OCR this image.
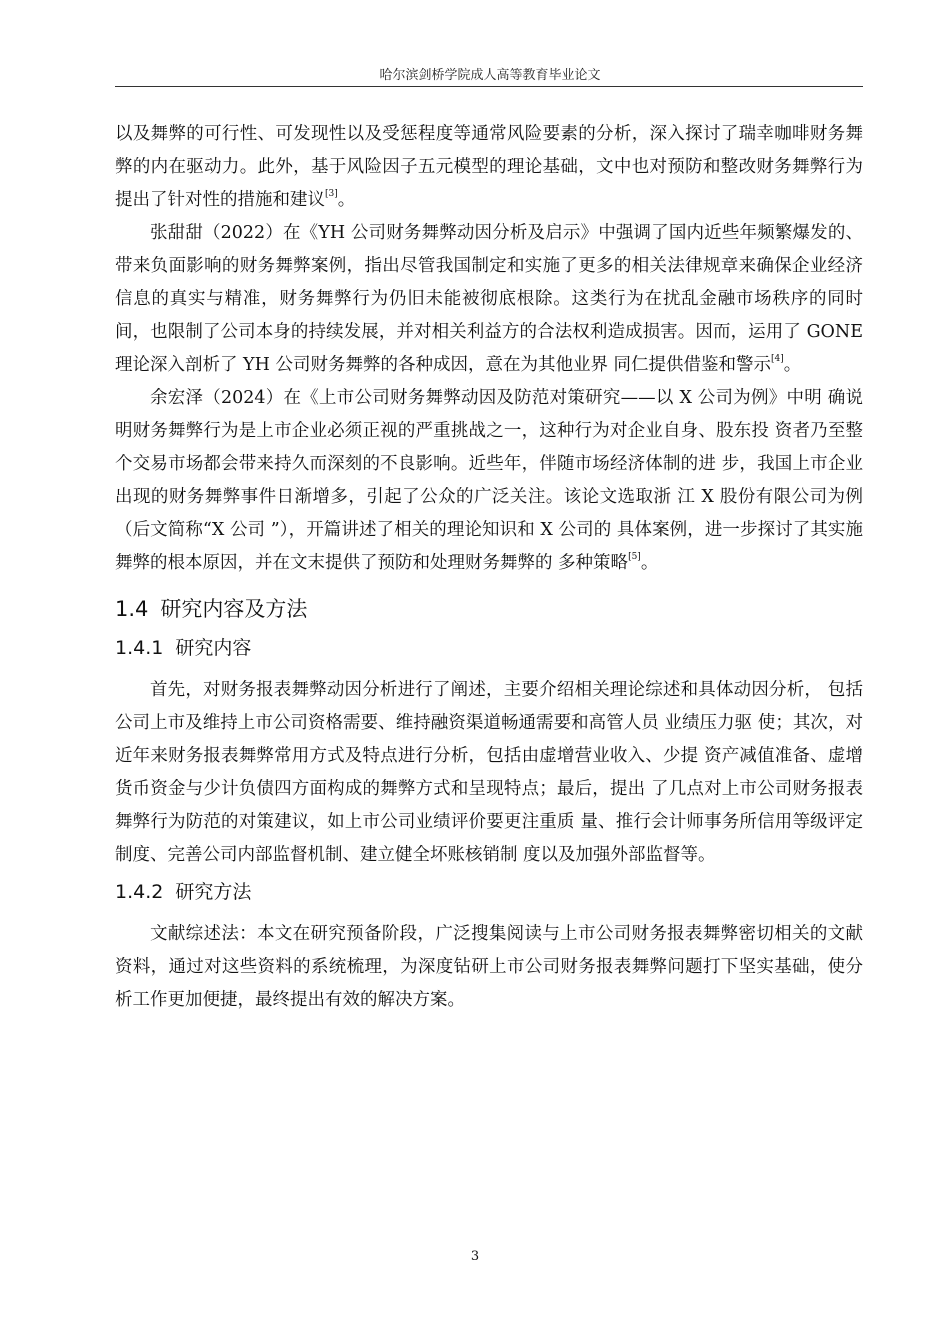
哈尔滨剑桥学院成人高等教育毕业论文

以及舞弊的可行性、可发现性以及受惩程度等通常风险要素的分析，深入探讨了瑞幸咖啡财务舞弊的内在驱动力。此外，基于风险因子五元模型的理论基础，文中也对预防和整改财务舞弊行为提出了针对性的措施和建议[3]。

张甜甜（2022）在《YH 公司财务舞弊动因分析及启示》中强调了国内近些年频繁爆发的、带来负面影响的财务舞弊案例，指出尽管我国制定和实施了更多的相关法律规章来确保企业经济信息的真实与精准，财务舞弊行为仍旧未能被彻底根除。这类行为在扰乱金融市场秩序的同时间，也限制了公司本身的持续发展，并对相关利益方的合法权利造成损害。因而，运用了 GONE 理论深入剖析了 YH 公司财务舞弊的各种成因，意在为其他业界 同仁提供借鉴和警示[4]。

余宏泽（2024）在《上市公司财务舞弊动因及防范对策研究——以 X 公司为例》中明 确说明财务舞弊行为是上市企业必须正视的严重挑战之一，这种行为对企业自身、股东投 资者乃至整个交易市场都会带来持久而深刻的不良影响。近些年，伴随市场经济体制的进 步，我国上市企业出现的财务舞弊事件日渐增多，引起了公众的广泛关注。该论文选取浙 江 X 股份有限公司为例（后文简称“X 公司 ”），开篇讲述了相关的理论知识和 X 公司的 具体案例，进一步探讨了其实施舞弊的根本原因，并在文末提供了预防和处理财务舞弊的 多种策略[5]。

1.4 研究内容及方法
1.4.1 研究内容

首先，对财务报表舞弊动因分析进行了阐述，主要介绍相关理论综述和具体动因分析， 包括公司上市及维持上市公司资格需要、维持融资渠道畅通需要和高管人员 业绩压力驱 使；其次，对近年来财务报表舞弊常用方式及特点进行分析，包括由虚增营业收入、少提 资产减值准备、虚增货币资金与少计负债四方面构成的舞弊方式和呈现特点；最后，提出 了几点对上市公司财务报表舞弊行为防范的对策建议，如上市公司业绩评价要更注重质 量、推行会计师事务所信用等级评定制度、完善公司内部监督机制、建立健全坏账核销制 度以及加强外部监督等。

1.4.2 研究方法

文献综述法：本文在研究预备阶段，广泛搜集阅读与上市公司财务报表舞弊密切相关的文献资料，通过对这些资料的系统梳理，为深度钻研上市公司财务报表舞弊问题打下坚实基础，使分析工作更加便捷，最终提出有效的解决方案。

3
